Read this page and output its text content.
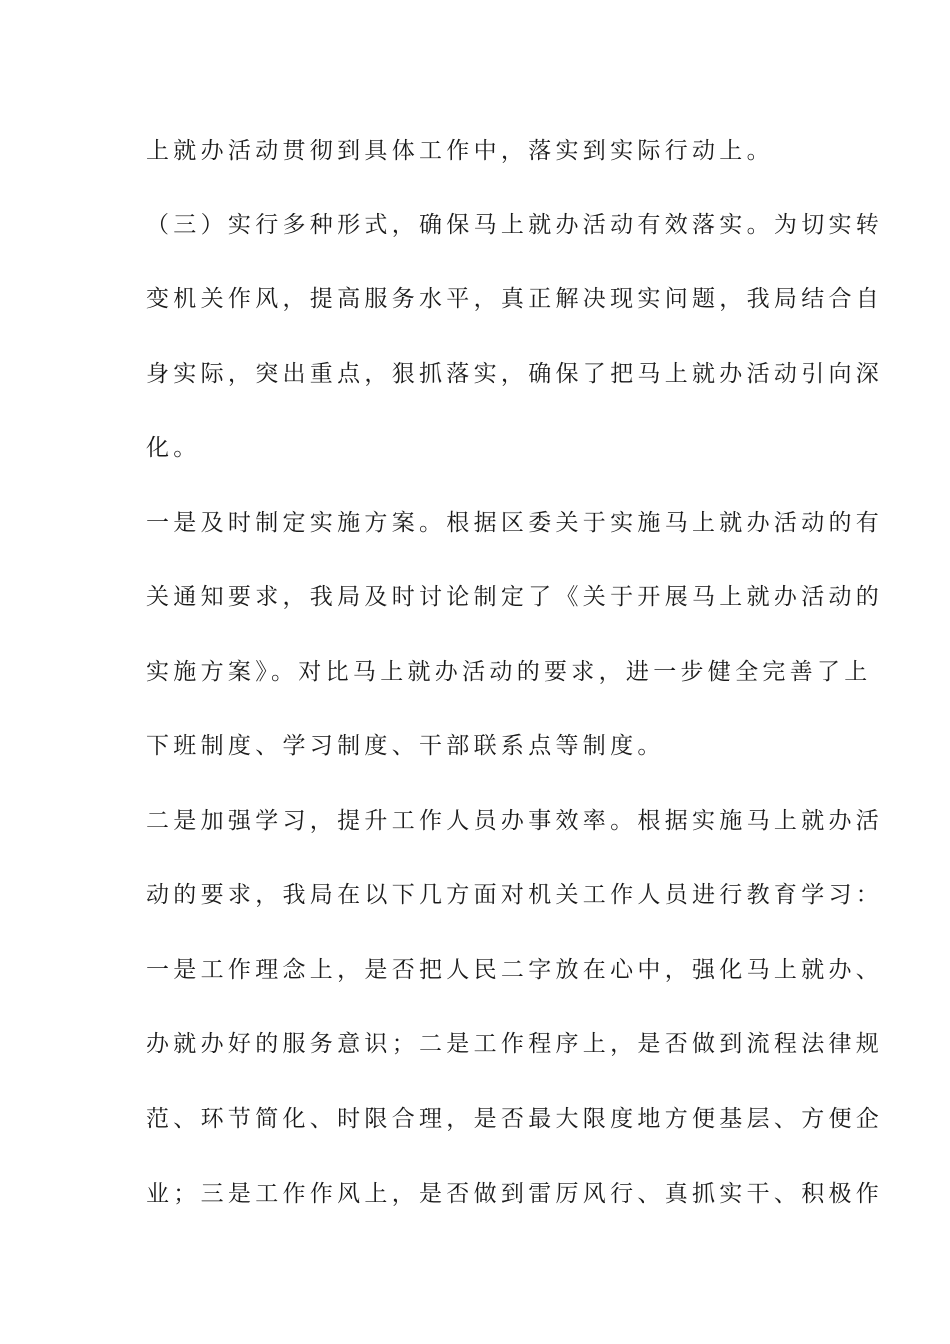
上就办活动贯彻到具体工作中，落实到实际行动上。
（三）实行多种形式，确保马上就办活动有效落实。为切实转
变机关作风，提高服务水平，真正解决现实问题，我局结合自
身实际，突出重点，狠抓落实，确保了把马上就办活动引向深
化。
一是及时制定实施方案。根据区委关于实施马上就办活动的有
关通知要求，我局及时讨论制定了《关于开展马上就办活动的
实施方案》。对比马上就办活动的要求，进一步健全完善了上
下班制度、学习制度、干部联系点等制度。
二是加强学习，提升工作人员办事效率。根据实施马上就办活
动的要求，我局在以下几方面对机关工作人员进行教育学习：
一是工作理念上，是否把人民二字放在心中，强化马上就办、
办就办好的服务意识；二是工作程序上，是否做到流程法律规
范、环节简化、时限合理，是否最大限度地方便基层、方便企
业；三是工作作风上，是否做到雷厉风行、真抓实干、积极作
